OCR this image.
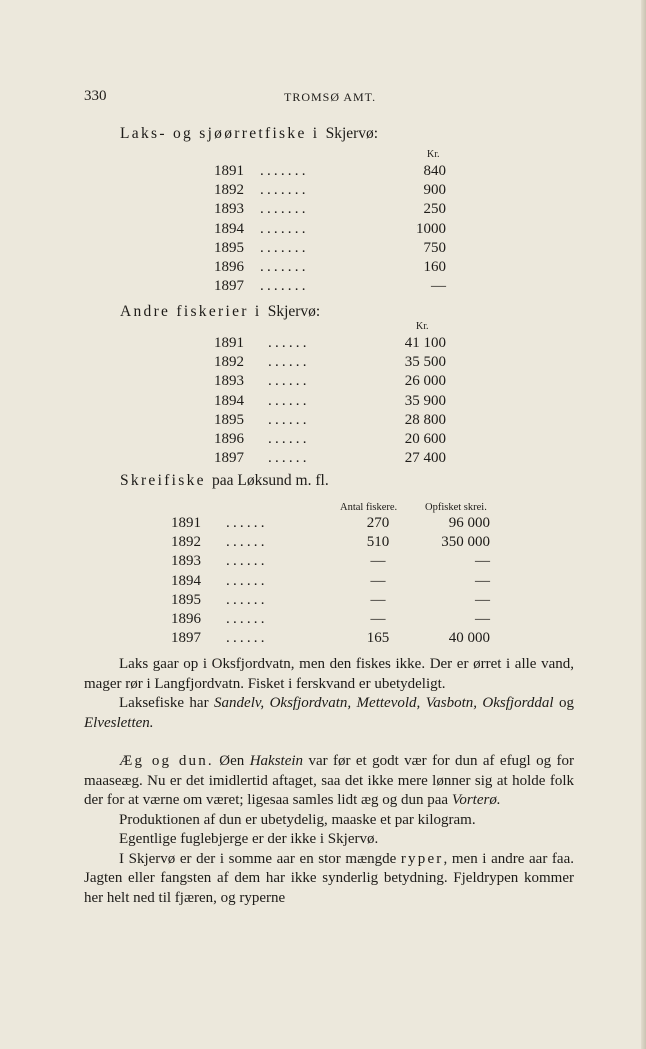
330	TROMSØ AMT.
Laks- og sjøørretfiske i Skjervø:
Kr.
1891 .......	840
1892 .......	900
1893 .......	250
1894 .......	1000
1895 .......	750
1896 .......	160
1897 .......	—
Andre fiskerier i Skjervø:
Kr.
1891 ......	41 100
1892 ......	35 500
1893 ......	26 000
1894 ......	35 900
1895 ......	28 800
1896 ......	20 600
1897 ......	27 400
Skreifiske paa Løksund m. fl.
Antal fiskere.	Opfisket skrei.
1891 ......	270	96 000
1892 ......	510	350 000
1893 ......	—	—
1894 ......	—	—
1895 ......	—	—
1896 ......	—	—
1897 ......	165	40 000

Laks gaar op i Oksfjordvatn, men den fiskes ikke. Der er ørret i alle vand, mager rør i Langfjordvatn. Fisket i ferskvand er ubetydeligt.

Laksefiske har Sandelv, Oksfjordvatn, Mettevold, Vasbotn, Oksfjorddal og Elvesletten.

Æg og dun. Øen Hakstein var før et godt vær for dun af efugl og for maaseæg. Nu er det imidlertid aftaget, saa det ikke mere lønner sig at holde folk der for at værne om været; ligesaa samles lidt æg og dun paa Vorterø.

Produktionen af dun er ubetydelig, maaske et par kilogram.

Egentlige fuglebjerge er der ikke i Skjervø.

I Skjervø er der i somme aar en stor mængde ryper, men i andre aar faa. Jagten eller fangsten af dem har ikke synderlig betydning. Fjeldrypen kommer her helt ned til fjæren, og ryperne
